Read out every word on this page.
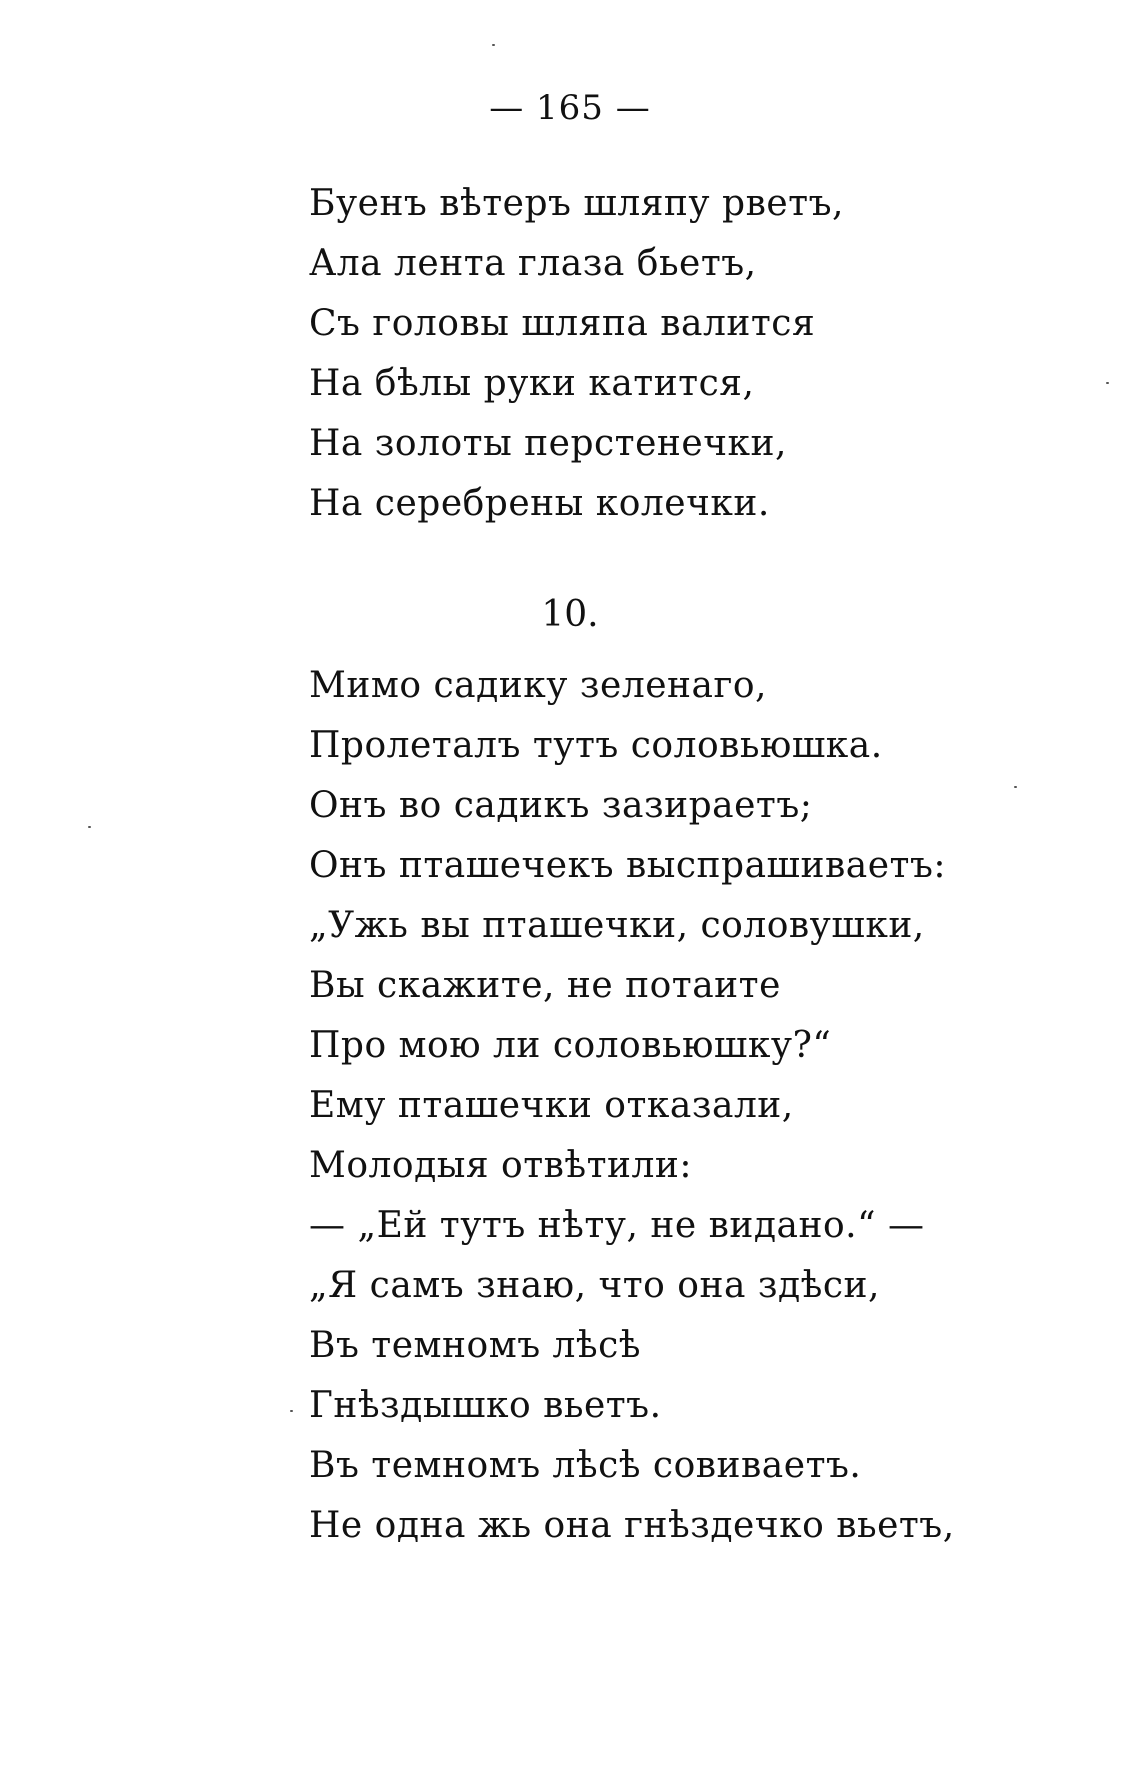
— 165 —
Буенъ вѣтеръ шляпу рветъ,
Ала лента глаза бьетъ,
Съ головы шляпа валится
На бѣлы руки катится,
На золоты перстенечки,
На серебрены колечки.
10.
Мимо садику зеленаго,
Пролеталъ тутъ соловьюшка.
Онъ во садикъ зазираетъ;
Онъ пташечекъ выспрашиваетъ:
„Ужь вы пташечки, соловушки,
Вы скажите, не потаите
Про мою ли соловьюшку?“
Ему пташечки отказали,
Молодыя отвѣтили:
— „Ей тутъ нѣту, не видано.“ —
„Я самъ знаю, что она здѣси,
Въ темномъ лѣсѣ
Гнѣздышко вьетъ.
Въ темномъ лѣсѣ совиваетъ.
Не одна жь она гнѣздечко вьетъ,
